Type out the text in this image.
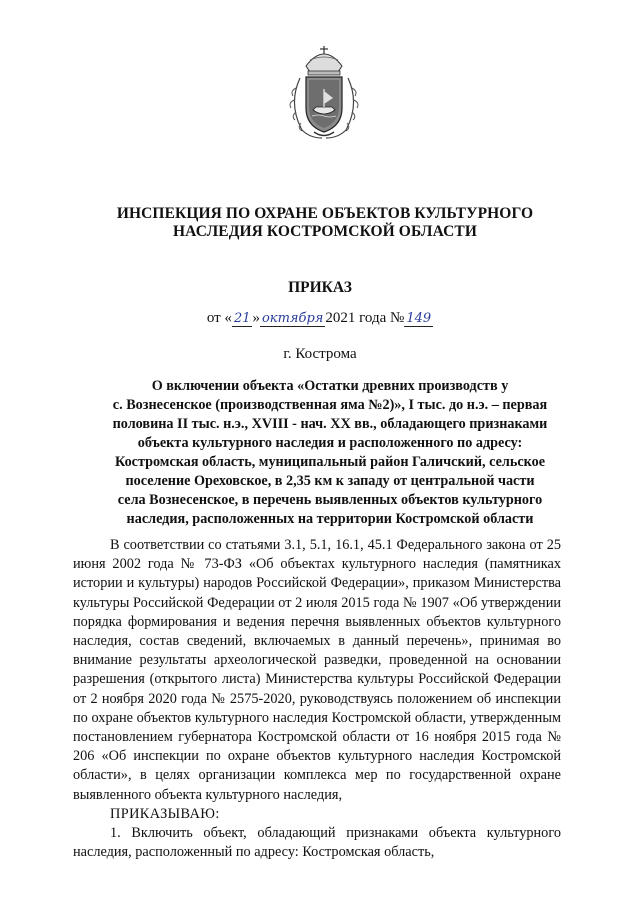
ИНСПЕКЦИЯ ПО ОХРАНЕ ОБЪЕКТОВ КУЛЬТУРНОГО
НАСЛЕДИЯ КОСТРОМСКОЙ ОБЛАСТИ
ПРИКАЗ
от « 21 » октября 2021 года № 149
г. Кострома
О включении объекта «Остатки древних производств у
с. Вознесенское (производственная яма №2)», I тыс. до н.э. – первая
половина II тыс. н.э., XVIII - нач. XX вв., обладающего признаками
объекта культурного наследия и расположенного по адресу:
Костромская область, муниципальный район Галичский, сельское
поселение Ореховское, в 2,35 км к западу от центральной части
села Вознесенское, в перечень выявленных объектов культурного
наследия, расположенных на территории Костромской области

В соответствии со статьями 3.1, 5.1, 16.1, 45.1 Федерального закона от 25 июня 2002 года № 73-ФЗ «Об объектах культурного наследия (памятниках истории и культуры) народов Российской Федерации», приказом Министерства культуры Российской Федерации от 2 июля 2015 года № 1907 «Об утверждении порядка формирования и ведения перечня выявленных объектов культурного наследия, состав сведений, включаемых в данный перечень», принимая во внимание результаты археологической разведки, проведенной на основании разрешения (открытого листа) Министерства культуры Российской Федерации от 2 ноября 2020 года № 2575-2020, руководствуясь положением об инспекции по охране объектов культурного наследия Костромской области, утвержденным постановлением губернатора Костромской области от 16 ноября 2015 года № 206 «Об инспекции по охране объектов культурного наследия Костромской области», в целях организации комплекса мер по государственной охране выявленного объекта культурного наследия,

ПРИКАЗЫВАЮ:

1. Включить объект, обладающий признаками объекта культурного наследия, расположенный по адресу: Костромская область,
